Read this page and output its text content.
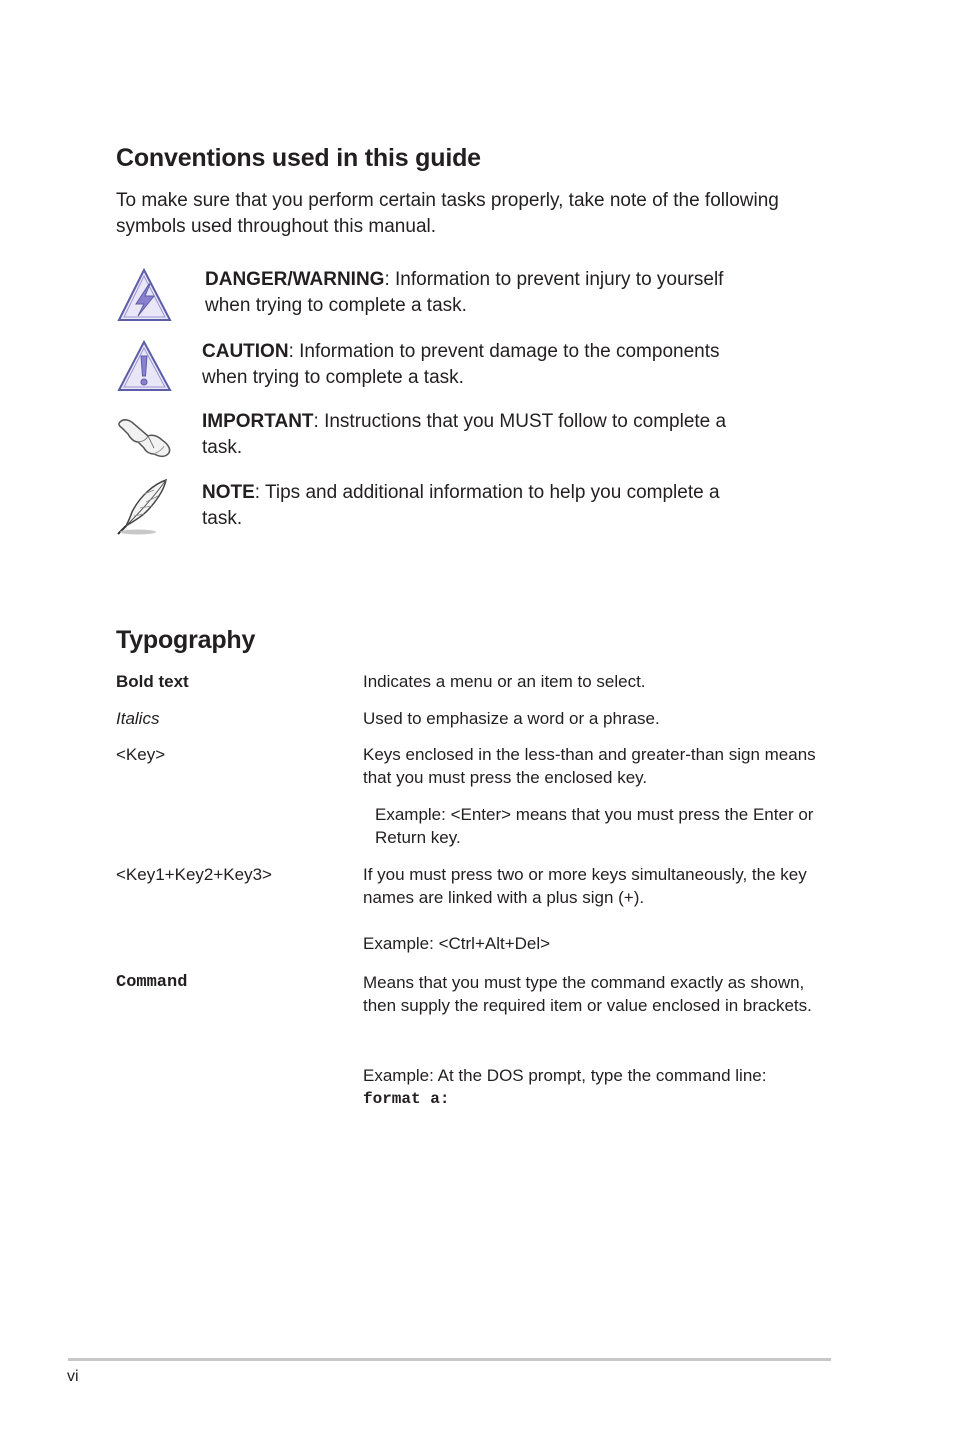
Conventions used in this guide
To make sure that you perform certain tasks properly, take note of the following symbols used throughout this manual.
DANGER/WARNING: Information to prevent injury to yourself when trying to complete a task.
CAUTION: Information to prevent damage to the components when trying to complete a task.
IMPORTANT: Instructions that you MUST follow to complete a task.
NOTE: Tips and additional information to help you complete a task.
Typography
Bold text	Indicates a menu or an item to select.
Italics	Used to emphasize a word or a phrase.
<Key>	Keys enclosed in the less-than and greater-than sign means that you must press the enclosed key.
Example: <Enter> means that you must press the Enter or Return key.
<Key1+Key2+Key3>	If you must press two or more keys simultaneously, the key names are linked with a plus sign (+).
Example: <Ctrl+Alt+Del>
Command	Means that you must type the command exactly as shown, then supply the required item or value enclosed in brackets.
Example: At the DOS prompt, type the command line:
format a:
vi
